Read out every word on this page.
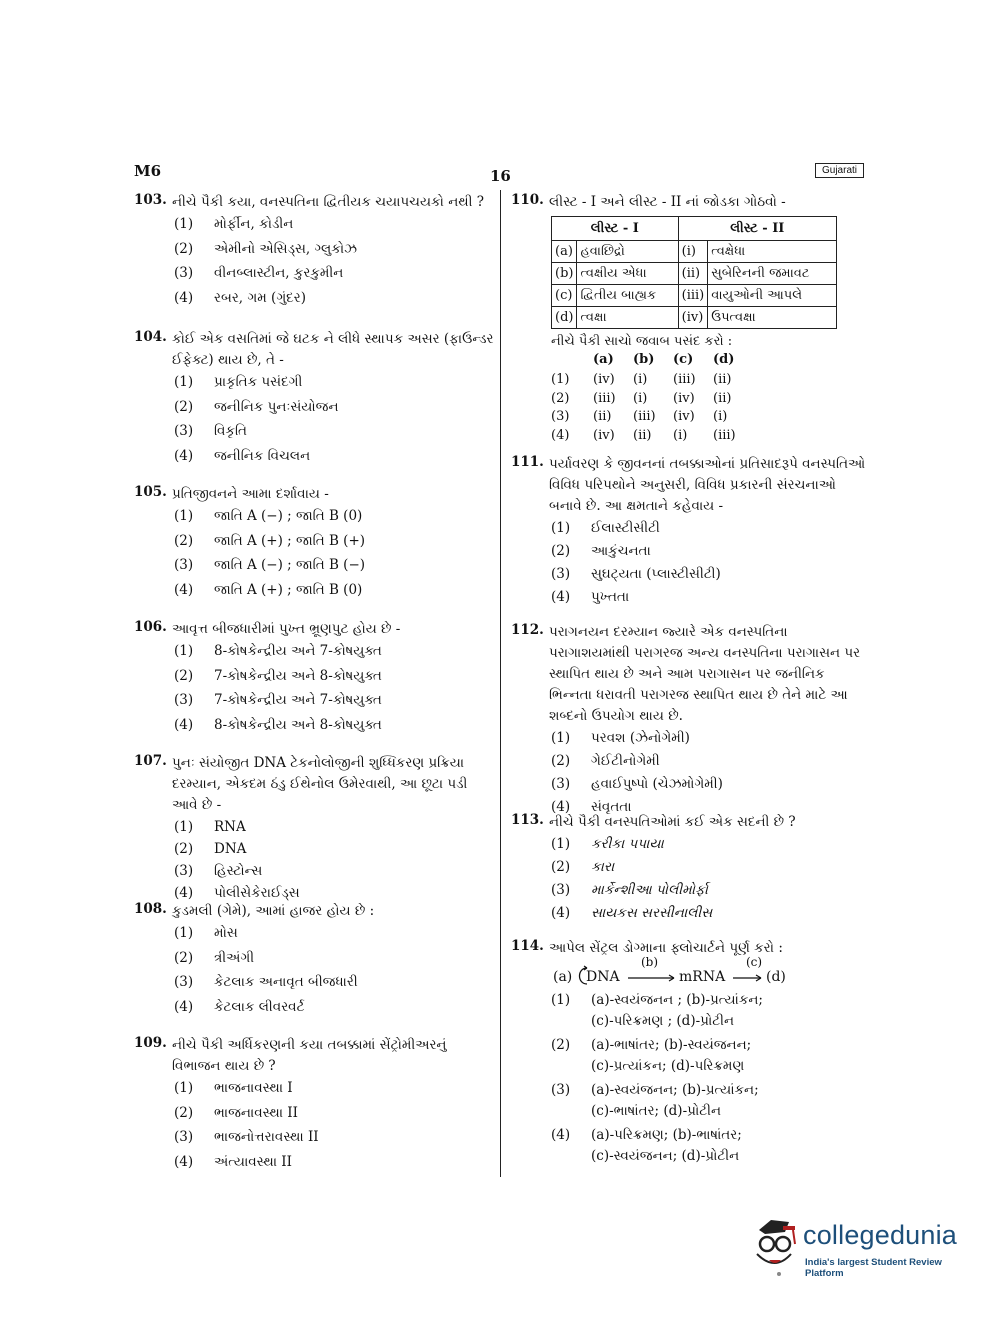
M6	16	Gujarati
103. નીચે પૈકી કયા, વનસ્પતિના દ્વિતીયક ચયાપચયકો નથી ?
(1) મોર્ફીન, કોડીન
(2) એમીનો એસિડ્સ, ગ્લુકોઝ
(3) વીનબ્લાસ્ટીન, કુરકુમીન
(4) રબર, ગમ (ગુંદર)
104. કોઈ એક વસતિમાં જે ઘટક ને લીધે સ્થાપક અસર (ફાઉન્ડર ઈફેક્ટ) થાય છે, તે -
(1) પ્રાકૃતિક પસંદગી
(2) જનીનિક પુનઃસંયોજન
(3) વિકૃતિ
(4) જનીનિક વિચલન
105. પ્રતિજીવનને આમા દર્શાવાય -
(1) જાતિ A (−) ; જાતિ B (0)
(2) જાતિ A (+) ; જાતિ B (+)
(3) જાતિ A (−) ; જાતિ B (−)
(4) જાતિ A (+) ; જાતિ B (0)
106. આવૃત્ત બીજધારીમાં પુખ્ત ભ્રૂણપુટ હોય છે -
(1) 8-કોષકેન્દ્રીય અને 7-કોષયુક્ત
(2) 7-કોષકેન્દ્રીય અને 8-કોષયુક્ત
(3) 7-કોષકેન્દ્રીય અને 7-કોષયુક્ત
(4) 8-કોષકેન્દ્રીય અને 8-કોષયુક્ત
107. પુનઃ સંયોજીત DNA ટેકનોલોજીની શુધ્ધિકરણ પ્રક્રિયા દરમ્યાન, એકદમ ઠંડુ ઈથેનોલ ઉમેરવાથી, આ છૂટા પડી આવે છે -
(1) RNA
(2) DNA
(3) હિસ્ટોન્સ
(4) પોલીસેકેરાઈડ્સ
108. કુડમલી (ગેમે), આમાં હાજર હોય છે :
(1) મોસ
(2) ત્રીઅંગી
(3) કેટલાક અનાવૃત બીજધારી
(4) કેટલાક લીવરવર્ટ
109. નીચે પૈકી અર્ધિકરણની કયા તબક્કામાં સેંટ્રોમીઅરનું વિભાજન થાય છે ?
(1) ભાજનાવસ્થા I
(2) ભાજનાવસ્થા II
(3) ભાજનોત્તરાવસ્થા II
(4) અંત્યાવસ્થા II
110. લીસ્ટ - I અને લીસ્ટ - II નાં જોડકા ગોઠવો -
લીસ્ટ - I		લીસ્ટ - II	
(a)	હવાછિદ્રો	(i)	ત્વક્ષેધા
(b)	ત્વક્ષીય એધા	(ii)	સુબેરિનની જમાવટ
(c)	દ્વિતીય બાહ્યક	(iii)	વાયુઓની આપલે
(d)	ત્વક્ષા	(iv)	ઉપત્વક્ષા
નીચે પૈકી સાચો જવાબ પસંદ કરો :
(a) (b) (c) (d)
(1) (iv) (i) (iii) (ii)
(2) (iii) (i) (iv) (ii)
(3) (ii) (iii) (iv) (i)
(4) (iv) (ii) (i) (iii)
111. પર્યાવરણ કે જીવનનાં તબક્કાઓનાં પ્રતિસાદરૂપે વનસ્પતિઓ વિવિધ પરિપથોને અનુસરી, વિવિધ પ્રકારની સંરચનાઓ બનાવે છે. આ ક્ષમતાને કહેવાય -
(1) ઈલાસ્ટીસીટી
(2) આકુંચનતા
(3) સુઘટ્યતા (પ્લાસ્ટીસીટી)
(4) પુખ્તતા
112. પરાગનયન દરમ્યાન જ્યારે એક વનસ્પતિના પરાગાશયમાંથી પરાગરજ અન્ય વનસ્પતિના પરાગાસન પર સ્થાપિત થાય છે અને આમ પરાગાસન પર જનીનિક ભિન્નતા ધરાવતી પરાગરજ સ્થાપિત થાય છે તેને માટે આ શબ્દનો ઉપયોગ થાય છે.
(1) પરવશ (ઝેનોગેમી)
(2) ગેઈટીનોગેમી
(3) હવાઈપુષ્પો (ચેઝમોગેમી)
(4) સંવૃતતા
113. નીચે પૈકી વનસ્પતિઓમાં કઈ એક સદની છે ?
(1) કરીકા પપાયા
(2) કારા
(3) માર્કેન્શીઆ પોલીમોર્ફા
(4) સાયકસ સરસીનાલીસ
114. આપેલ સેંટ્રલ ડોગ્માના ફ્લોચાર્ટને પૂર્ણ કરો :
(a) DNA
(b)
mRNA
(c)
(d)
(1) (a)-સ્વયંજનન ; (b)-પ્રત્યાંકન;
(c)-પરિક્રમણ ; (d)-પ્રોટીન
(2) (a)-ભાષાંતર; (b)-સ્વયંજનન;
(c)-પ્રત્યાંકન; (d)-પરિક્રમણ
(3) (a)-સ્વયંજનન; (b)-પ્રત્યાંકન;
(c)-ભાષાંતર; (d)-પ્રોટીન
(4) (a)-પરિક્રમણ; (b)-ભાષાંતર;
(c)-સ્વયંજનન; (d)-પ્રોટીન
collegedunia
India's largest Student Review Platform
